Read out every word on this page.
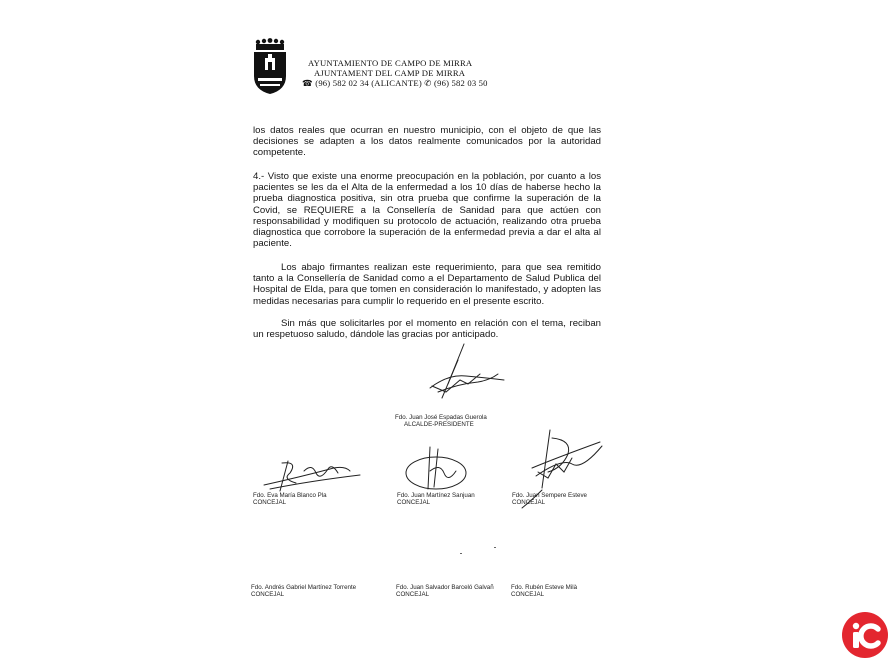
AYUNTAMIENTO DE CAMPO DE MIRRA
AJUNTAMENT DEL CAMP DE MIRRA
☎ (96) 582 02 34 (ALICANTE) ✆ (96) 582 03 50
los datos reales que ocurran en nuestro municipio, con el objeto de que las decisiones se adapten a los datos realmente comunicados por la autoridad competente.
4.- Visto que existe una enorme preocupación en la población, por cuanto a los pacientes se les da el Alta de la enfermedad a los 10 días de haberse hecho la prueba diagnostica positiva, sin otra prueba que confirme la superación de la Covid, se REQUIERE a la Consellería de Sanidad para que actúen con responsabilidad y modifiquen su protocolo de actuación, realizando otra prueba diagnostica que corrobore la superación de la enfermedad previa a dar el alta al paciente.
Los abajo firmantes realizan este requerimiento, para que sea remitido tanto a la Consellería de Sanidad como a el Departamento de Salud Publica del Hospital de Elda, para que tomen en consideración lo manifestado, y adopten las medidas necesarias para cumplir lo requerido en el presente escrito.
Sin más que solicitarles por el momento en relación con el tema, reciban un respetuoso saludo, dándole las gracias por anticipado.
Fdo. Juan José Espadas Guerola
ALCALDE-PRESIDENTE
Fdo. Eva María Blanco Pla
CONCEJAL
Fdo. Juan Martínez Sanjuan
CONCEJAL
Fdo. Juan Sempere Esteve
CONCEJAL
Fdo. Andrés Gabriel Martínez Torrente
CONCEJAL
Fdo. Juan Salvador Barceló Galvañ
CONCEJAL
Fdo. Rubén Esteve Milà
CONCEJAL
